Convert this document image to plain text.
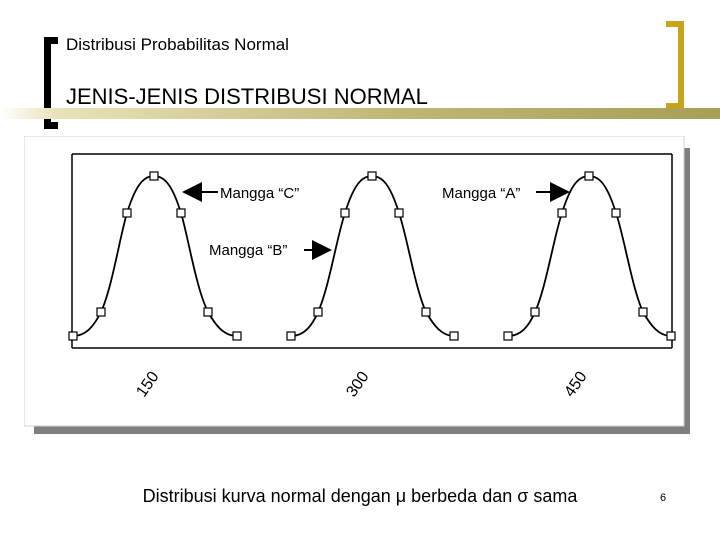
Distribusi Probabilitas Normal
JENIS-JENIS DISTRIBUSI NORMAL
Mangga “C”	Mangga “A”
Mangga “B”
150	300	450
Distribusi kurva normal dengan μ berbeda dan σ sama	6
